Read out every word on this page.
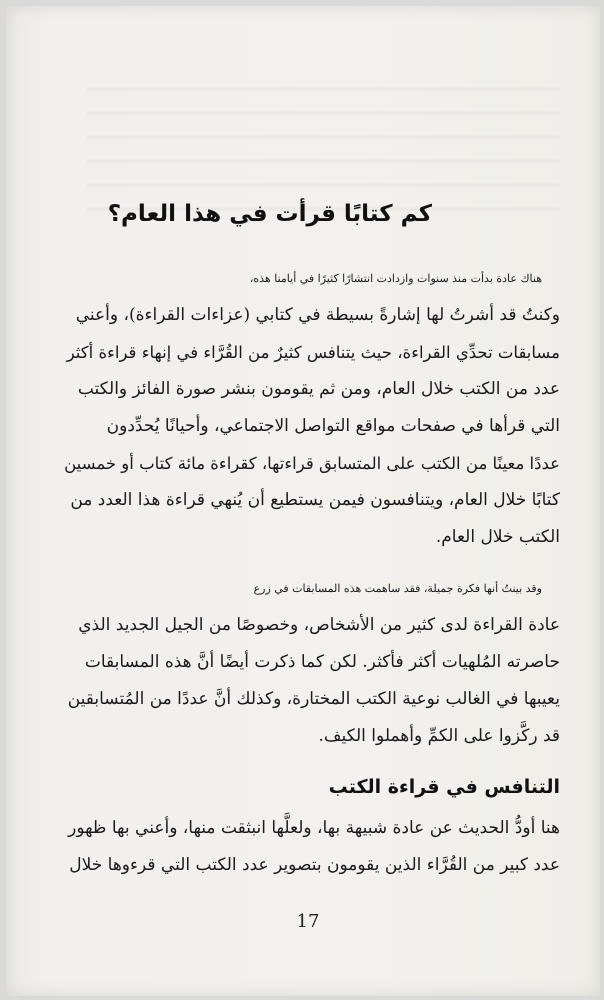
كم كتابًا قرأت في هذا العام؟
هناك عادة بدأت منذ سنوات وازدادت انتشارًا كثيرًا في أيامنا هذه،
وكنتُ قد أشرتُ لها إشارةً بسيطة في كتابي (عزاءات القراءة)، وأعني
مسابقات تحدِّي القراءة، حيث يتنافس كثيرٌ من القُرَّاء في إنهاء قراءة أكثر
عدد من الكتب خلال العام، ومن ثم يقومون بنشر صورة الفائز والكتب
التي قرأها في صفحات مواقع التواصل الاجتماعي، وأحيانًا يُحدِّدون
عددًا معينًا من الكتب على المتسابق قراءتها، كقراءة مائة كتاب أو خمسين
كتابًا خلال العام، ويتنافسون فيمن يستطيع أن يُنهي قراءة هذا العدد من
الكتب خلال العام.
وقد بينتُ أنها فكرة جميلة، فقد ساهمت هذه المسابقات في زرع
عادة القراءة لدى كثير من الأشخاص، وخصوصًا من الجيل الجديد الذي
حاصرته المُلهيات أكثر فأكثر. لكن كما ذكرت أيضًا أنَّ هذه المسابقات
يعيبها في الغالب نوعية الكتب المختارة، وكذلك أنَّ عددًا من المُتسابقين
قد ركَّزوا على الكمِّ وأهملوا الكيف.
التنافس في قراءة الكتب
هنا أودُّ الحديث عن عادة شبيهة بها، ولعلَّها انبثقت منها، وأعني بها ظهور
عدد كبير من القُرَّاء الذين يقومون بتصوير عدد الكتب التي قرءوها خلال
17
